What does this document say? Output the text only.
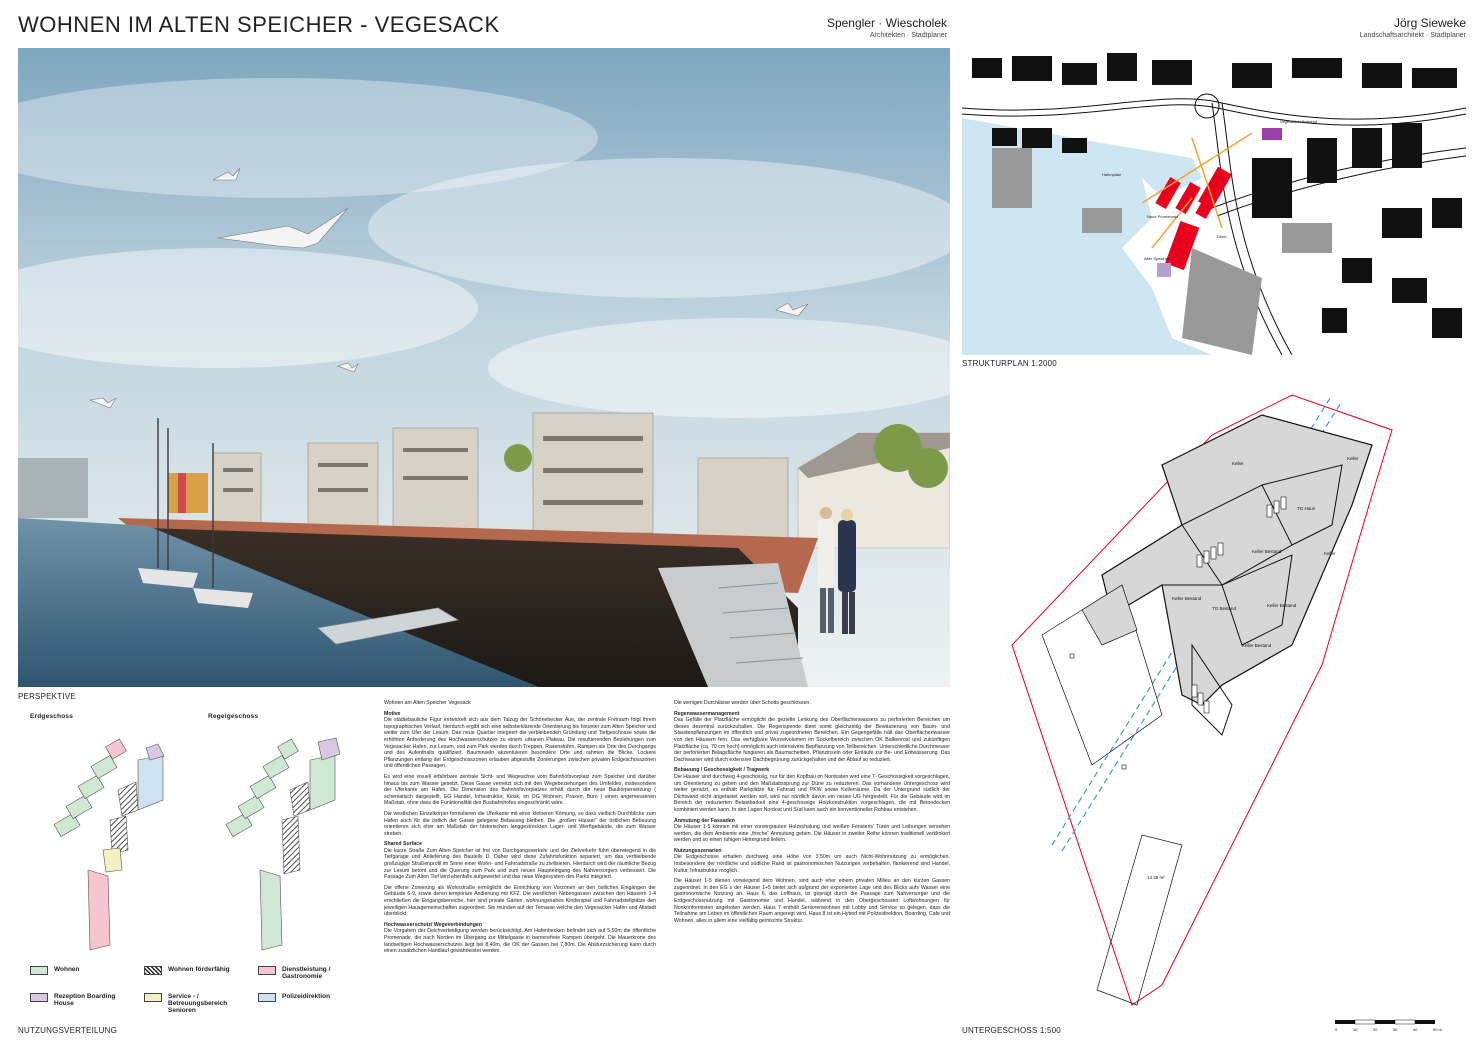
WOHNEN IM ALTEN SPEICHER - VEGESACK	Spengler · Wiescholek
Architekten · Stadtplaner
Jörg Sieweke
Landschaftsarchitekt · Stadtplaner
PERSPEKTIVE
Hafenplatz
Neue Promenade
Alter Speicher
Düne
Vegesacker Bahnhof
STRUKTURPLAN 1:2000
Keller
Keller
Keller Bestand
Keller Bestand	Keller
Keller Bestand
Keller Bestand
TG Haus
TG Bestand
14.35 m²
UNTERGESCHOSS 1:500	0	10	20	30	40	50 m
Erdgeschoss	Regelgeschoss
Wohnen	Wohnen förderfähig	Dienstleistung / Gastronomie
Rezeption Boarding House
Service - / Betreuungsbereich Senioren
Polizeidirektion
NUTZUNGSVERTEILUNG

Wohnen am Alten Speicher Vegesack

Motive

Die städtebauliche Figur entwickelt sich aus dem Talzug der Schönebecker Aue, der zentrale Freiraum folgt ihrem topographischen Verlauf, hierdurch ergibt sich eine selbsterklärende Orientierung bis hinunter zum Alten Speicher und weiter zum Ufer der Lesum. Das neue Quartier integriert die verbleibenden Gründung und Tiefgeschosse sowie die erhöhten Anforderung des Hochwasserschutzes zu einem urbanen Plateau. Die resultierenden Beziehungen zum Vegesacker Hafen, zur Lesum, und zum Park werden durch Treppen, Rasenstufen, Rampen als Orte des Durchgangs und des Aufenthalts qualifiziert. Bauminseln akzentuieren besondere Orte und rahmen die Blicke. Lockere Pflanzungen entlang der Erdgeschosszonen erlauben abgestufte Zonierungen zwischen privaten Erdgeschosszonen und öffentlichen Passagen.

Es wird eine visuell erfahrbare zentrale Sicht- und Wegeachse vom Bahnhofsvorplatz zum Speicher und darüber hinaus bis zum Wasser gesetzt. Diese Gasse vernetzt sich mit den Wegebeziehungen des Umfeldes, insbesondere der Uferkante am Hafen. Die Dimension des Bahnhofsvorplatzes erhält durch die neue Baukörpersetzung ( schematisch dargestellt, EG Handel, Infrastruktur, Kiosk, im OG Wohnen, Praxen, Büro ) einen angemessenen Maßstab, ohne dass die Funktionalität des Busbahnhofes eingeschränkt wäre.

Die westlichen Einzelkörper formulieren die Uferkante mit einer kleineren Körnung, so dass vielfach Durchblicke zum Hafen auch für die östlich der Gasse gelegene Bebauung bleiben. Die „großen Häuser“ der östlichen Bebauung orientieren sich eher am Maßstab der historischen langgestreckten Lager- und Werftgebäude, die zum Wasser streben.

Shared Surface

Die kurze Straße Zum Alten Speicher ist frei von Durchgangsverkehr und der Zielverkehr führt überwiegend in die Tiefgarage und Anlieferung des Bauteils D. Daher wird diese Zufahrtsfunktion separiert, um das verbleibende großzügige Straßenprofil im Sinne einer Wohn- und Fahrradstraße zu zivilisieren. Hierdurch wird der räumliche Bezug zur Lesum betont und die Querung zum Park und zum neuen Haupteingang des Nahversorgers verbessert. Die Passage Zum Alten Tief wird ebenfalls aufgewertet und das neue Wegesystem des Parks integriert.

Die offene Zonierung als Wohnstraße ermöglicht die Einrichtung von Vorzonen an den östlichen Eingängen der Gebäude 6-9, sowie deren temporäre Andienung mit KFZ. Die westlichen Nebengassen zwischen den Häusern 1-4 erschließen die Eingangsbereiche, hier sind private Gärten, wohnungsnahes Kinderspiel und Fahrradstellplätze den jeweiligen Hausgemeinschaften zugeordnet. Sie münden auf der Terrasse welche den Vegesacker Hafen und Altstadt überblickt.

Hochwasserschutz/ Wegeverbindungen

Die Vorgaben der Deichverteidigung werden berücksichtigt. Am Hafenbecken befindet sich auf 5,50m die öffentliche Promenade, die nach Norden im Übergang zur Mittelgasse in barrierefreie Rampen übergeht. Die Mauerkrone des landseitigen Hochwasserschutzes liegt bei 8,40m, die OK der Gassen bei 7,80m. Die Absturzsicherung kann durch einen zusätzlichen Handlauf gewährleistet werden.

Die wenigen Durchlässe werden über Schotts geschlossen.

Regenwassermanagement

Das Gefälle der Platzfläche ermöglicht die gezielte Lenkung des Oberflächenwassers zu perforierten Bereichen um dieses dezentral zurückzuhalten. Die Regenspende dient somit gleichzeitig der Bewässerung von Baum- und Staudenpflanzungen im öffentlich und privat zugeordneten Bereichen. Ein Gegengefälle hält das Oberflächenwasser von den Häusern fern. Das verfügbare Wurzelvolumen im Sockelbereich zwischen OK Balkenrost und zukünftigen Platzfläche (ca. 70 cm hoch) ermöglicht auch intensivere Bepflanzung von Teilbereichen. Unterschiedliche Durchmesser der perforierten Belagsfläche fungieren als Baumscheiben, Pflanzinseln oder Einläufe zur Be- und Entwässerung. Das Dachwasser wird durch extensive Dachbegrünung zurückgehalten und der Ablauf so reduziert.

Bebauung / Geschossigkeit / Tragwerk

Die Häuser sind durchweg 4-geschossig, nur für den Kopfbau im Nordosten wird eine 7- Geschossigkeit vorgeschlagen, um Orientierung zu geben und den Maßstabssprung zur Düne zu reduzieren. Das vorhandene Untergeschoss wird weiter genutzt, es enthält Parkplätze für Fahrrad und PKW sowie Kellerräume. Da der Untergrund südlich der Dichtwand nicht angetastet werden soll, wird nur nördlich davon ein neues UG hergestellt. Für die Gebäude wird im Bereich der reduzierten Belastbarkeit eine 4-geschossige Holzkonstruktion vorgeschlagen, die mit Betondecken kombiniert werden kann. In den Lagen Nordost und Süd kann auch ein konventioneller Rohbau entstehen.

Anmutung der Fassaden

Die Häuser 1-5 können mit einer vorvergrauten Holzschalung und weißen Fenstern/ Türen und Leibungen versehen werden, die dem Ambiente eine „frische“ Anmutung geben. Die Häuser in zweiter Reihe können traditionell verklinkert werden und so einen ruhigen Hintergrund liefern.

Nutzungsszenarien

Die Erdgeschosse erhalten durchweg eine Höhe von 3,50m um auch Nicht-Wohnnutzung zu ermöglichen. Insbesondere der nördliche und südliche Rand ist gastronomischen Nutzungen vorbehalten, flankierend sind Handel, Kultur, Infrastruktur möglich.

Die Häuser 1-5 dienen vorwiegend dem Wohnen, sind auch eher einem privaten Milieu an den kurzen Gassen zugeordnet. In den EG s der Häuser 1+5 bietet sich aufgrund der exponierten Lage und des Blicks aufs Wasser eine gastronomische Nutzung an. Haus 6, das Lofthaus, ist geprägt durch die Passage zum Nahversorger und die Erdgeschossnutzung mit Gastronomie und Handel, während in den Obergeschossen Loftwohnungen für Nonkonformisten angeboten werden. Haus 7 enthält Seniorenwohnen mit Lobby und Service so gelegen, dass die Teilnahme am Leben im öffentlichen Raum angeregt wird. Haus 8 ist ein Hybrid mit Polizeidirektion, Boarding, Cafe und Wohnen, alles in allem eine vielfältig gemischte Struktur.
